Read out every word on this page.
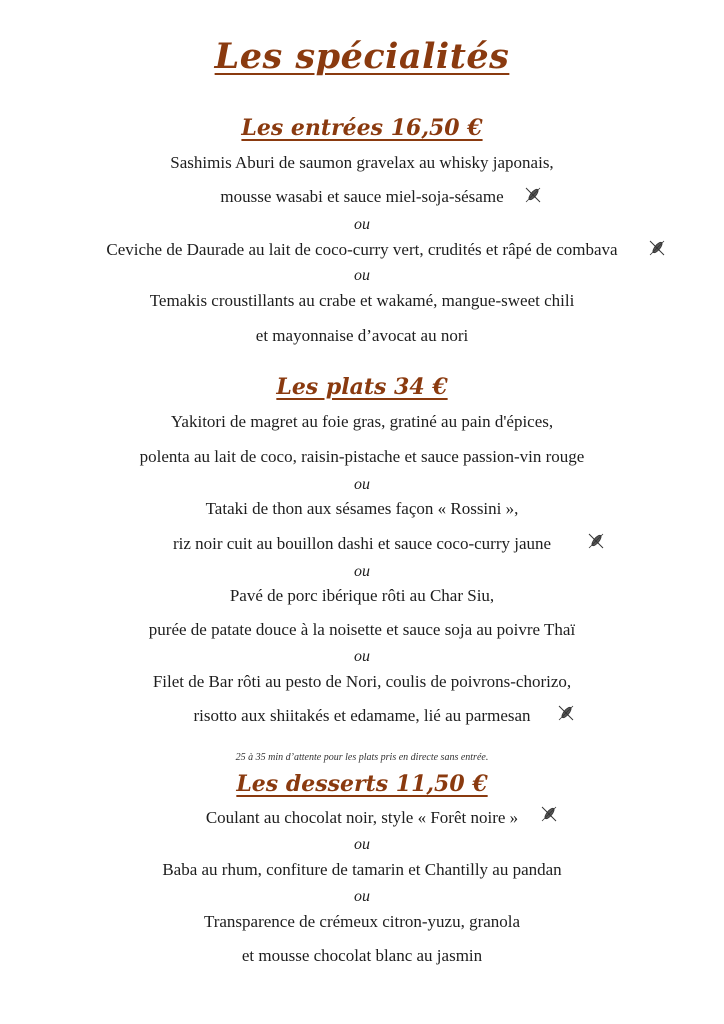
Les spécialités
Les entrées 16,50 €
Sashimis Aburi de saumon gravelax au whisky japonais,
mousse wasabi et sauce miel-soja-sésame
ou
Ceviche de Daurade au lait de coco-curry vert, crudités et râpé de combava
ou
Temakis croustillants au crabe et wakamé, mangue-sweet chili
et mayonnaise d’avocat au nori
Les plats 34 €
Yakitori de magret au foie gras, gratiné au pain d'épices,
polenta au lait de coco, raisin-pistache et sauce passion-vin rouge
ou
Tataki de thon aux sésames façon « Rossini »,
riz noir cuit au bouillon dashi et sauce coco-curry jaune
ou
Pavé de porc ibérique rôti au Char Siu,
purée de patate douce à la noisette et sauce soja au poivre Thaï
ou
Filet de Bar rôti au pesto de Nori, coulis de poivrons-chorizo,
risotto aux shiitakés et edamame, lié au parmesan
25 à 35 min d’attente pour les plats pris en directe sans entrée.
Les desserts 11,50 €
Coulant au chocolat noir, style « Forêt noire »
ou
Baba au rhum, confiture de tamarin et Chantilly au pandan
ou
Transparence de crémeux citron-yuzu, granola
et mousse chocolat blanc au jasmin
